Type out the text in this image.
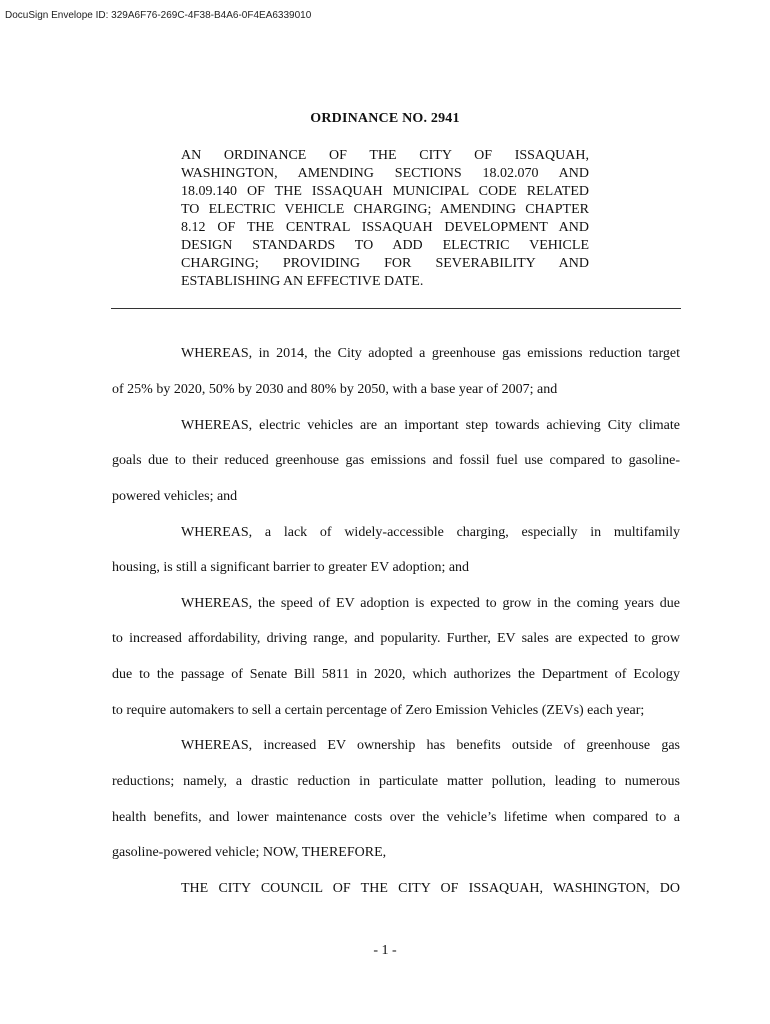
DocuSign Envelope ID: 329A6F76-269C-4F38-B4A6-0F4EA6339010
ORDINANCE NO. 2941
AN ORDINANCE OF THE CITY OF ISSAQUAH,
WASHINGTON, AMENDING SECTIONS 18.02.070 AND
18.09.140 OF THE ISSAQUAH MUNICIPAL CODE RELATED
TO ELECTRIC VEHICLE CHARGING; AMENDING CHAPTER
8.12 OF THE CENTRAL ISSAQUAH DEVELOPMENT AND
DESIGN STANDARDS TO ADD ELECTRIC VEHICLE
CHARGING; PROVIDING FOR SEVERABILITY AND
ESTABLISHING AN EFFECTIVE DATE.
WHEREAS, in 2014, the City adopted a greenhouse gas emissions reduction target
of 25% by 2020, 50% by 2030 and 80% by 2050, with a base year of 2007; and
WHEREAS, electric vehicles are an important step towards achieving City climate
goals due to their reduced greenhouse gas emissions and fossil fuel use compared to gasoline-
powered vehicles; and
WHEREAS, a lack of widely-accessible charging, especially in multifamily
housing, is still a significant barrier to greater EV adoption; and
WHEREAS, the speed of EV adoption is expected to grow in the coming years due
to increased affordability, driving range, and popularity. Further, EV sales are expected to grow
due to the passage of Senate Bill 5811 in 2020, which authorizes the Department of Ecology
to require automakers to sell a certain percentage of Zero Emission Vehicles (ZEVs) each year;
WHEREAS, increased EV ownership has benefits outside of greenhouse gas
reductions; namely, a drastic reduction in particulate matter pollution, leading to numerous
health benefits, and lower maintenance costs over the vehicle’s lifetime when compared to a
gasoline-powered vehicle; NOW, THEREFORE,
THE CITY COUNCIL OF THE CITY OF ISSAQUAH, WASHINGTON, DO
- 1 -
